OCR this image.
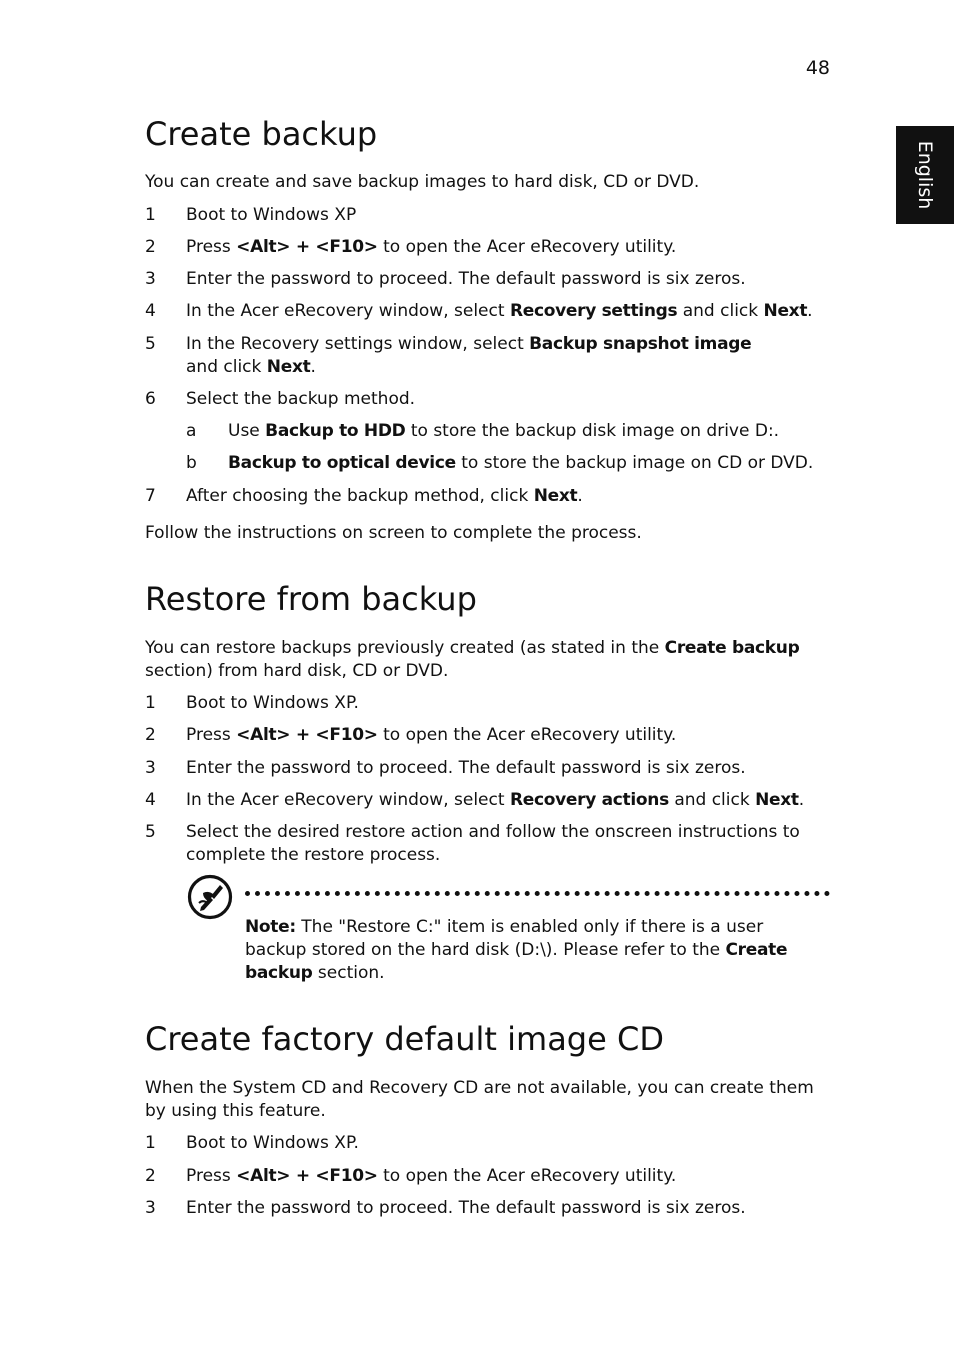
48
English
Create backup

You can create and save backup images to hard disk, CD or DVD.

1 Boot to Windows XP
2 Press <Alt> + <F10> to open the Acer eRecovery utility.
3 Enter the password to proceed. The default password is six zeros.
4 In the Acer eRecovery window, select Recovery settings and click Next.
5 In the Recovery settings window, select Backup snapshot image and click Next.
6 Select the backup method.
a Use Backup to HDD to store the backup disk image on drive D:.
b Backup to optical device to store the backup image on CD or DVD.
7 After choosing the backup method, click Next.

Follow the instructions on screen to complete the process.

Restore from backup

You can restore backups previously created (as stated in the Create backup section) from hard disk, CD or DVD.

1 Boot to Windows XP.
2 Press <Alt> + <F10> to open the Acer eRecovery utility.
3 Enter the password to proceed. The default password is six zeros.
4 In the Acer eRecovery window, select Recovery actions and click Next.
5 Select the desired restore action and follow the onscreen instructions to complete the restore process.
Create factory default image CD

When the System CD and Recovery CD are not available, you can create them by using this feature.

1 Boot to Windows XP.
2 Press <Alt> + <F10> to open the Acer eRecovery utility.
3 Enter the password to proceed. The default password is six zeros.
Note: The "Restore C:" item is enabled only if there is a user backup stored on the hard disk (D:\). Please refer to the Create backup section.
